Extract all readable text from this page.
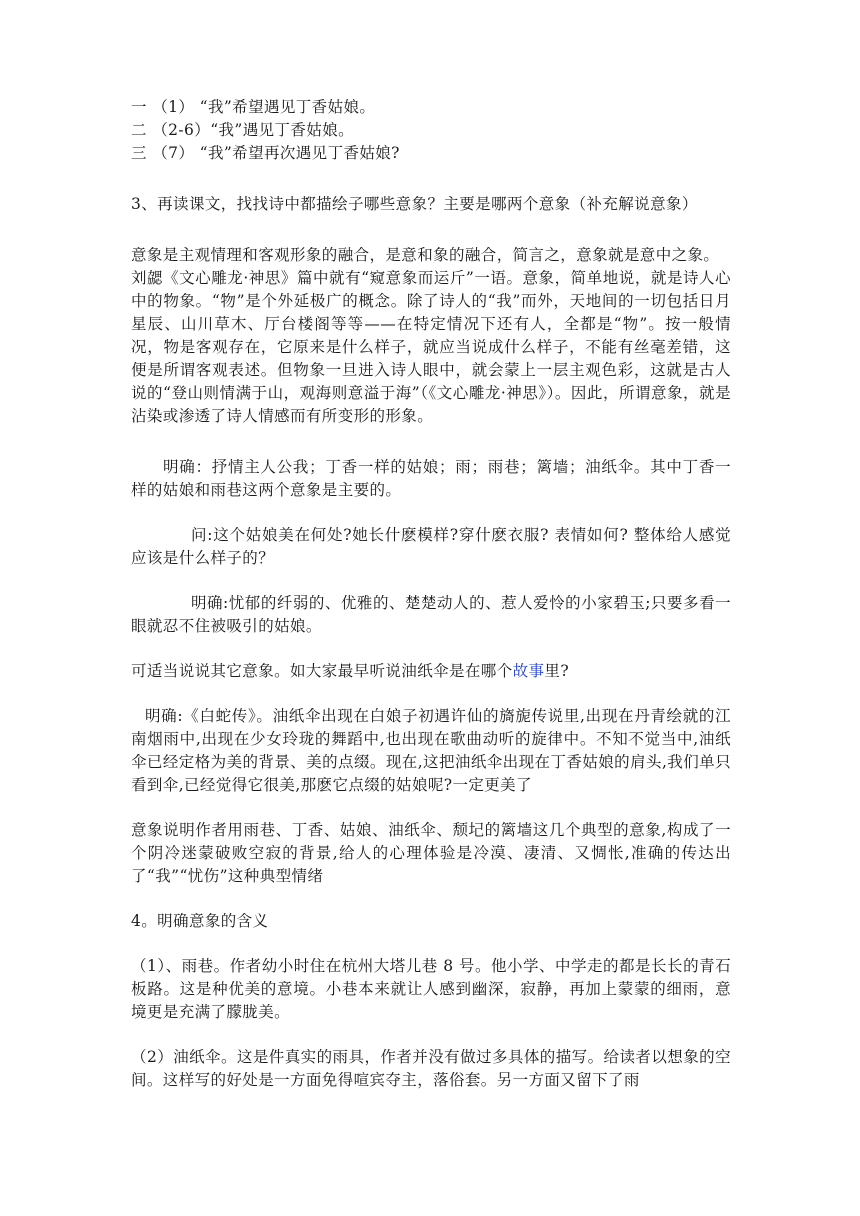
一 （1） “我”希望遇见丁香姑娘。
二 （2-6）“我”遇见丁香姑娘。
三 （7） “我”希望再次遇见丁香姑娘?
3、再读课文，找找诗中都描绘子哪些意象？主要是哪两个意象（补充解说意象）
意象是主观情理和客观形象的融合，是意和象的融合，简言之，意象就是意中之象。
刘勰《文心雕龙·神思》篇中就有“窥意象而运斤”一语。意象，简单地说，就是诗人心中的物象。“物”是个外延极广的概念。除了诗人的“我”而外，天地间的一切包括日月星辰、山川草木、厅台楼阁等等——在特定情况下还有人，全都是“物”。按一般情况，物是客观存在，它原来是什么样子，就应当说成什么样子，不能有丝毫差错，这便是所谓客观表述。但物象一旦进入诗人眼中，就会蒙上一层主观色彩，这就是古人说的“登山则情满于山，观海则意溢于海”（《文心雕龙·神思》）。因此，所谓意象，就是沾染或渗透了诗人情感而有所变形的形象。
明确：抒情主人公我；丁香一样的姑娘；雨；雨巷；篱墙；油纸伞。其中丁香一样的姑娘和雨巷这两个意象是主要的。
问:这个姑娘美在何处?她长什麽模样?穿什麽衣服? 表情如何? 整体给人感觉应该是什么样子的？
明确:忧郁的纤弱的、优雅的、楚楚动人的、惹人爱怜的小家碧玉;只要多看一眼就忍不住被吸引的姑娘。
可适当说说其它意象。如大家最早听说油纸伞是在哪个故事里?
明确:《白蛇传》。油纸伞出现在白娘子初遇许仙的旖旎传说里,出现在丹青绘就的江南烟雨中,出现在少女玲珑的舞蹈中,也出现在歌曲动听的旋律中。不知不觉当中,油纸伞已经定格为美的背景、美的点缀。现在,这把油纸伞出现在丁香姑娘的肩头,我们单只看到伞,已经觉得它很美,那麽它点缀的姑娘呢?一定更美了
意象说明作者用雨巷、丁香、姑娘、油纸伞、颓圮的篱墙这几个典型的意象,构成了一个阴冷迷蒙破败空寂的背景,给人的心理体验是冷漠、凄清、又惆怅,准确的传达出了“我”“忧伤”这种典型情绪
4。明确意象的含义
（1）、雨巷。作者幼小时住在杭州大塔儿巷 8 号。他小学、中学走的都是长长的青石板路。这是种优美的意境。小巷本来就让人感到幽深，寂静，再加上蒙蒙的细雨，意境更是充满了朦胧美。
（2）油纸伞。这是件真实的雨具，作者并没有做过多具体的描写。给读者以想象的空间。这样写的好处是一方面免得喧宾夺主，落俗套。另一方面又留下了雨
